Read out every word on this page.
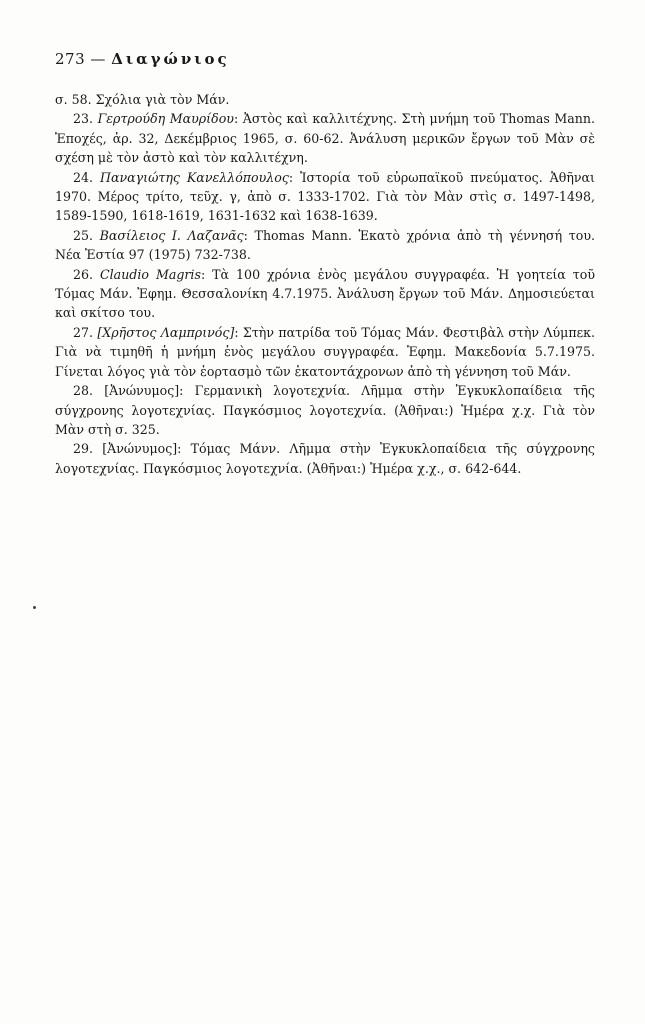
273 — Διαγώνιος

σ. 58. Σχόλια γιὰ τὸν Μάν.

23. Γερτρούδη Μαυρίδου: Ἀστὸς καὶ καλλιτέχνης. Στὴ μνήμη τοῦ Thomas Mann. Ἐποχές, ἀρ. 32, Δεκέμβριος 1965, σ. 60-62. Ἀνάλυση μερικῶν ἔργων τοῦ Μὰν σὲ σχέση μὲ τὸν ἀστὸ καὶ τὸν καλλιτέχνη.

24. Παναγιώτης Κανελλόπουλος: Ἱστορία τοῦ εὐρωπαϊκοῦ πνεύματος. Ἀθῆναι 1970. Μέρος τρίτο, τεῦχ. γ, ἀπὸ σ. 1333-1702. Γιὰ τὸν Μὰν στὶς σ. 1497-1498, 1589-1590, 1618-1619, 1631-1632 καὶ 1638-1639.

25. Βασίλειος Ι. Λαζανᾶς: Thomas Mann. Ἑκατὸ χρόνια ἀπὸ τὴ γέννησή του. Νέα Ἑστία 97 (1975) 732-738.

26. Claudio Magris: Τὰ 100 χρόνια ἑνὸς μεγάλου συγγραφέα. Ἡ γοητεία τοῦ Τόμας Μάν. Ἐφημ. Θεσσαλονίκη 4.7.1975. Ἀνάλυση ἔργων τοῦ Μάν. Δημοσιεύεται καὶ σκίτσο του.

27. [Χρῆστος Λαμπρινός]: Στὴν πατρίδα τοῦ Τόμας Μάν. Φεστιβὰλ στὴν Λύμπεκ. Γιὰ νὰ τιμηθῆ ἡ μνήμη ἑνὸς μεγάλου συγγραφέα. Ἐφημ. Μακεδονία 5.7.1975. Γίνεται λόγος γιὰ τὸν ἑορτασμὸ τῶν ἑκατοντάχρονων ἀπὸ τὴ γέννηση τοῦ Μάν.

28. [Ἀνώνυμος]: Γερμανικὴ λογοτεχνία. Λῆμμα στὴν Ἐγκυκλοπαίδεια τῆς σύγχρονης λογοτεχνίας. Παγκόσμιος λογοτεχνία. (Ἀθῆναι:) Ἡμέρα χ.χ. Γιὰ τὸν Μὰν στὴ σ. 325.

29. [Ἀνώνυμος]: Τόμας Μάνν. Λῆμμα στὴν Ἐγκυκλοπαίδεια τῆς σύγχρονης λογοτεχνίας. Παγκόσμιος λογοτεχνία. (Ἀθῆναι:) Ἡμέρα χ.χ., σ. 642-644.
